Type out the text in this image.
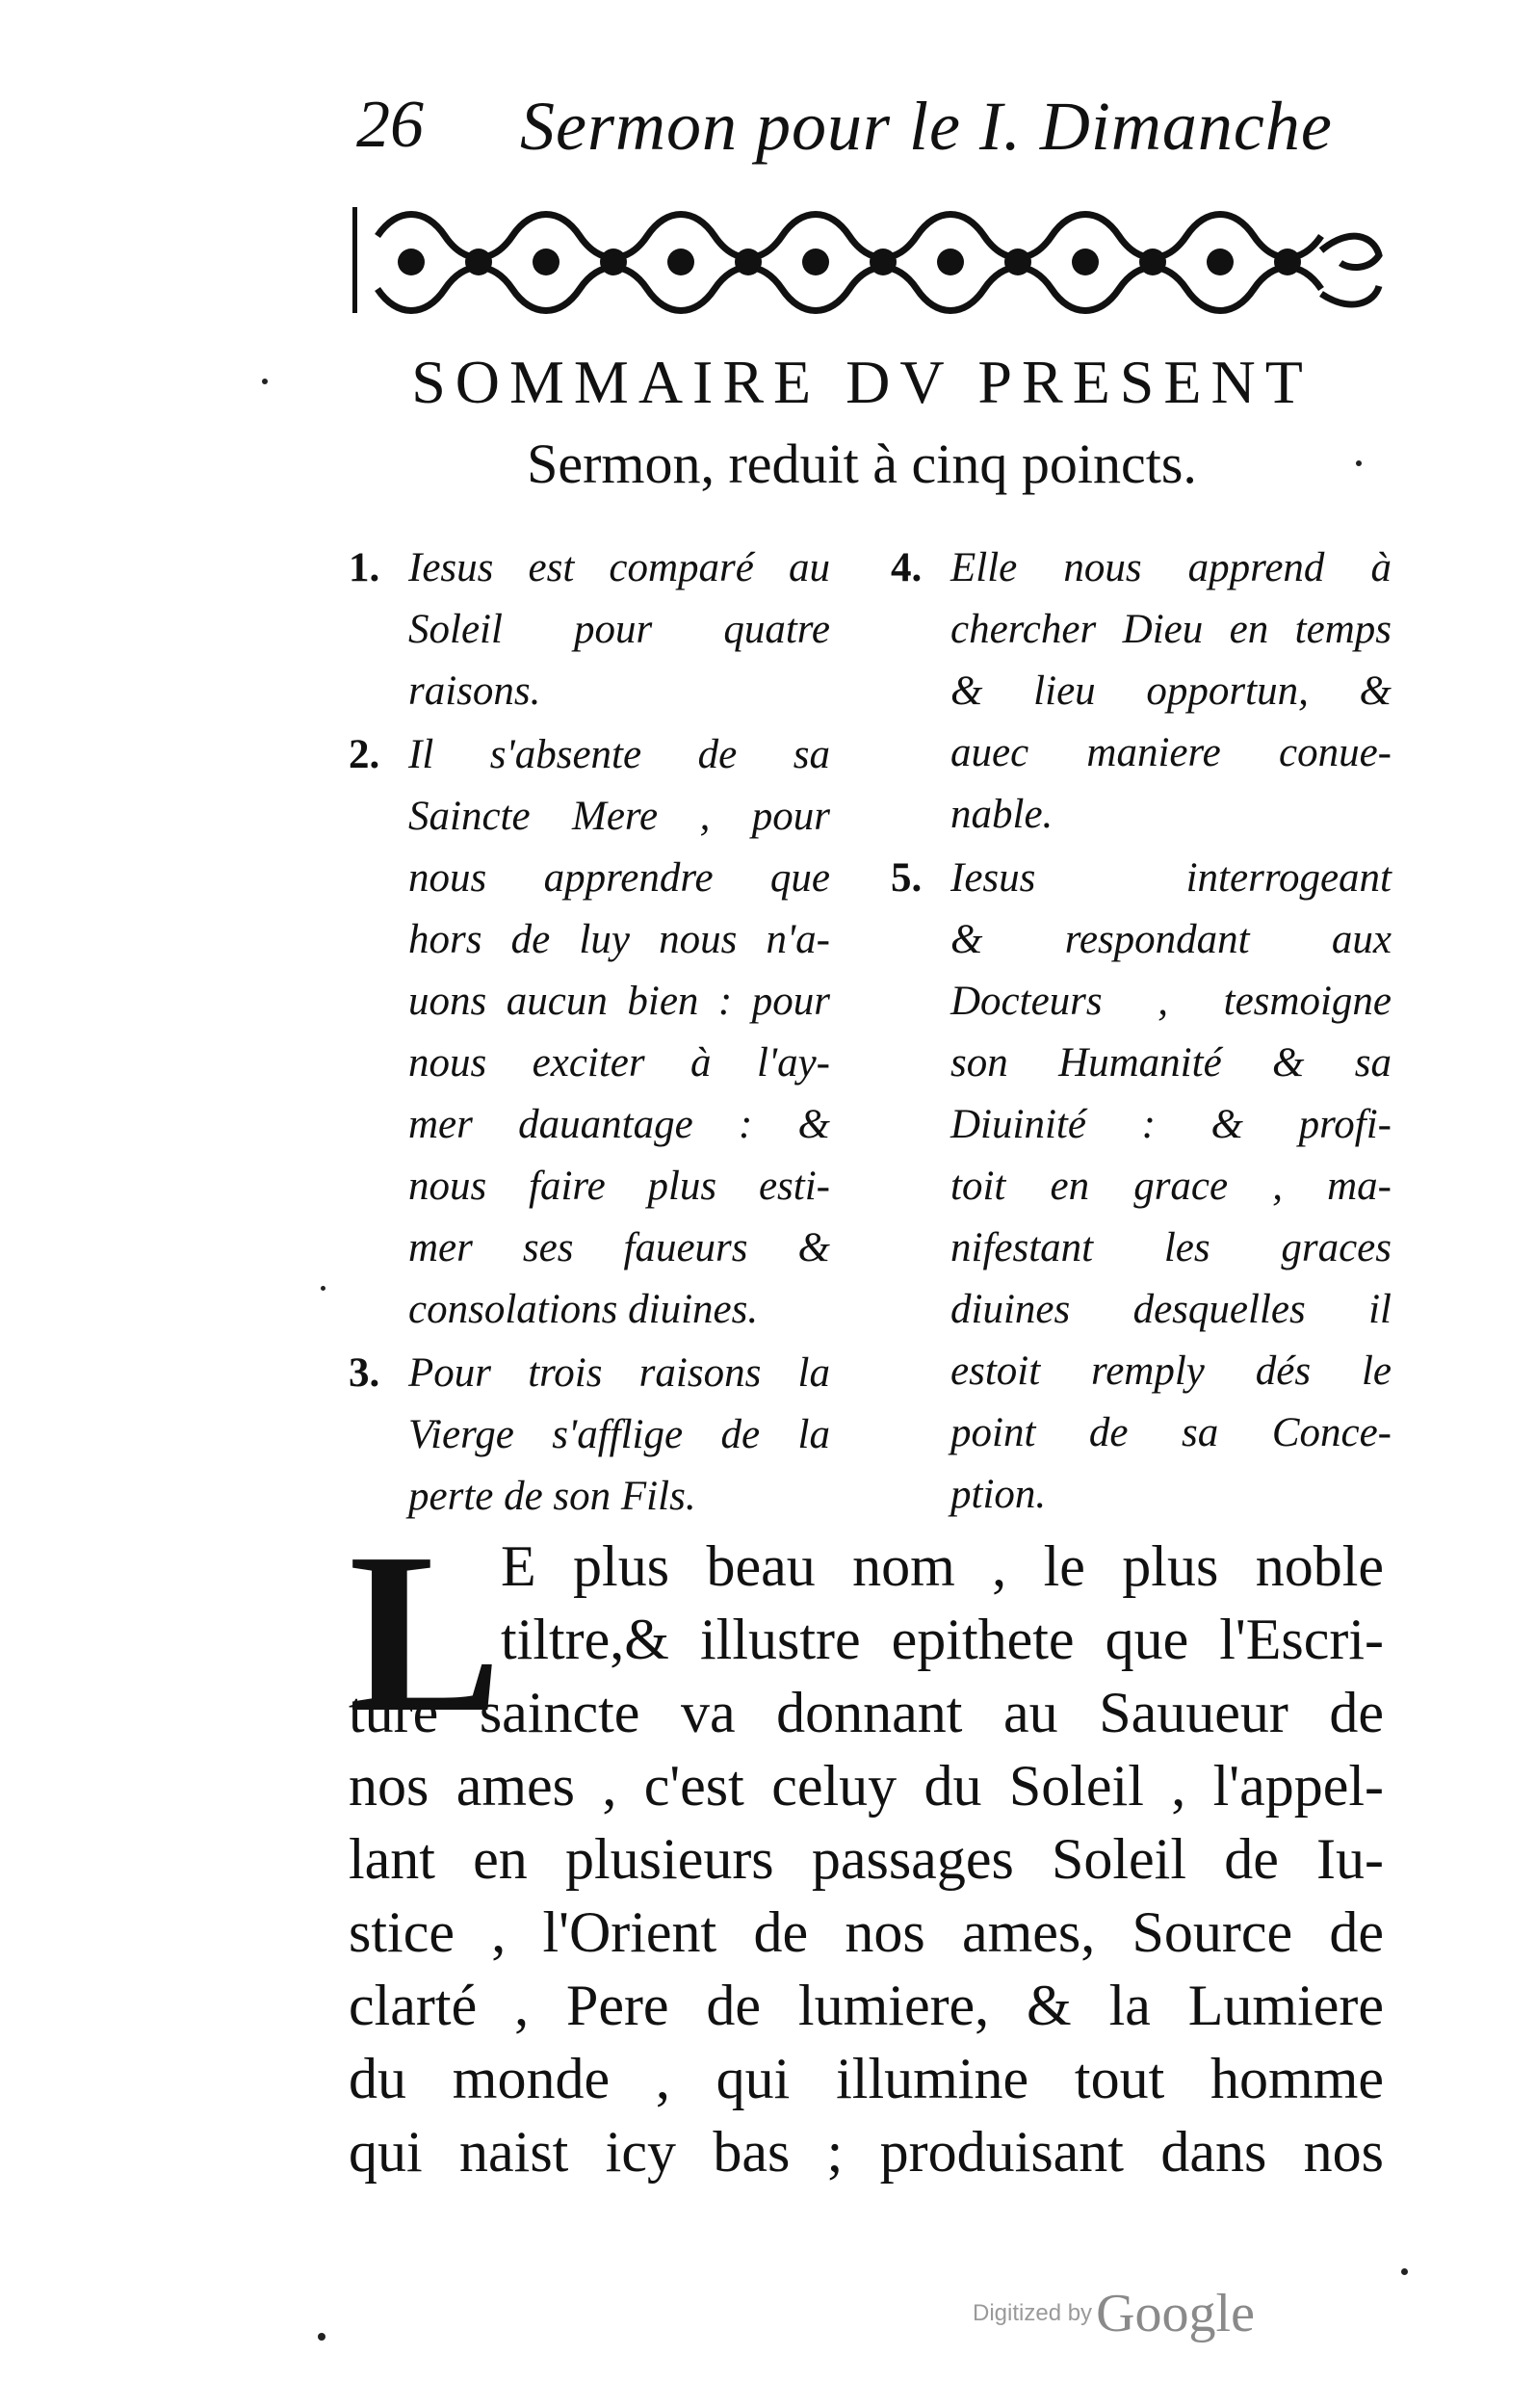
26 Sermon pour le I. Dimanche
SOMMAIRE DV PRESENT
Sermon, reduit à cinq poincts.
1. Iesus est comparé au
Soleil pour quatre
raisons.
2. Il s'absente de sa
Saincte Mere , pour
nous apprendre que
hors de luy nous n'a-
uons aucun bien : pour
nous exciter à l'ay-
mer dauantage : &
nous faire plus esti-
mer ses faueurs &
consolations diuines.
3. Pour trois raisons la
Vierge s'afflige de la
perte de son Fils.
4. Elle nous apprend à
chercher Dieu en temps
& lieu opportun, &
auec maniere conue-
nable.
5. Iesus interrogeant
& respondant aux
Docteurs , tesmoigne
son Humanité & sa
Diuinité : & profi-
toit en grace , ma-
nifestant les graces
diuines desquelles il
estoit remply dés le
point de sa Conce-
ption.
L E plus beau nom , le plus noble
tiltre,& illustre epithete que l'Escri-
ture saincte va donnant au Sauueur de
nos ames , c'est celuy du Soleil , l'appel-
lant en plusieurs passages Soleil de Iu-
stice , l'Orient de nos ames, Source de
clarté , Pere de lumiere, & la Lumiere
du monde , qui illumine tout homme
qui naist icy bas ; produisant dans nos
Digitized by Google
